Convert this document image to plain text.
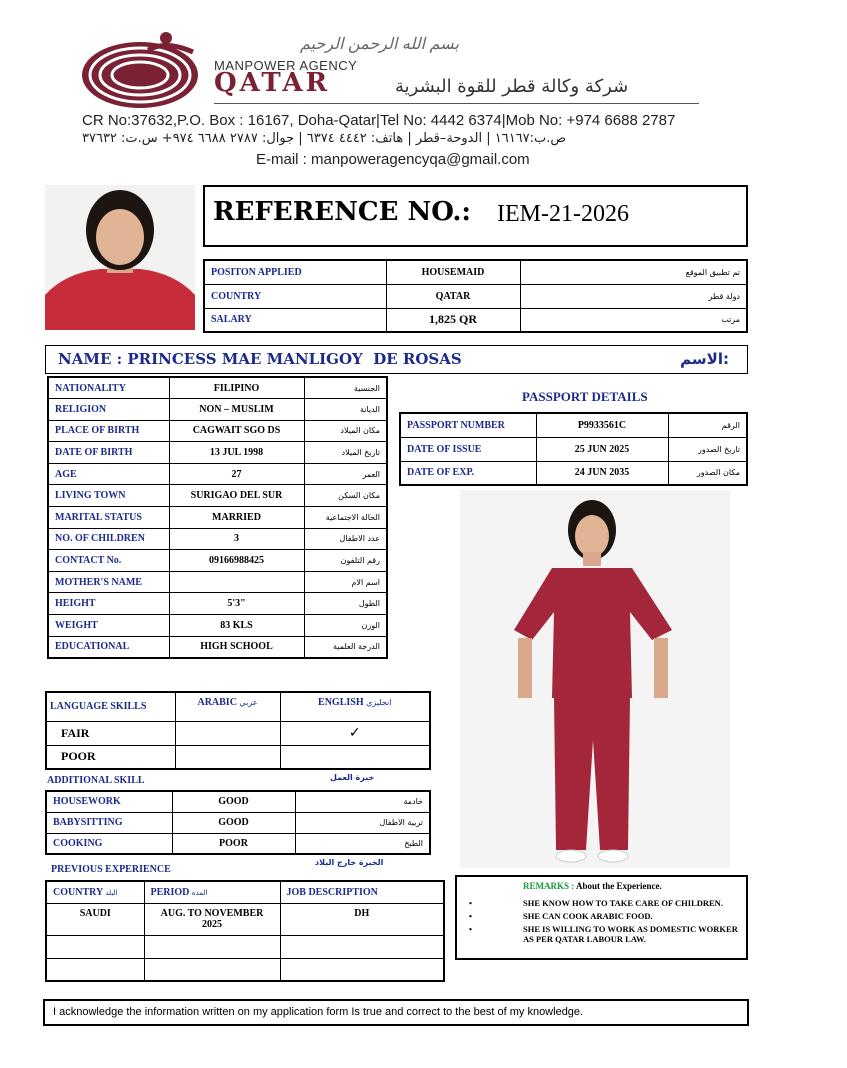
بسم الله الرحمن الرحيم
MANPOWER AGENCY
QATAR	شركة وكالة قطر للقوة البشرية
CR No:37632,P.O. Box : 16167, Doha-Qatar|Tel No: 4442 6374|Mob No: +974 6688 2787
ص.ب:١٦١٦٧ | الدوحة–قطر | هاتف: ٤٤٤٢ ٦٣٧٤ | جوال: ٢٧٨٧ ٦٦٨٨ ٩٧٤+ س.ت: ٣٧٦٣٢
E-mail : manpoweragencyqa@gmail.com
REFERENCE NO.: IEM-21-2026
POSITON APPLIED	HOUSEMAID	تم تطبيق الموقع
COUNTRY	QATAR	دولة قطر
SALARY	1,825 QR	مرتب
NAME : PRINCESS MAE MANLIGOY  DE ROSAS	الاسم:
NATIONALITY	FILIPINO	الجنسية
RELIGION	NON – MUSLIM	الديانة
PLACE OF BIRTH	CAGWAIT SGO DS	مكان الميلاد
DATE OF BIRTH	13 JUL 1998	تاريخ الميلاد
AGE	27	العمر
LIVING TOWN	SURIGAO DEL SUR	مكان السكن
MARITAL STATUS	MARRIED	الحالة الاجتماعية
NO. OF CHILDREN	3	عدد الاطفال
CONTACT No.	09166988425	رقم التلفون
MOTHER'S NAME		اسم الام
HEIGHT	5'3"	الطول
WEIGHT	83 KLS	الوزن
EDUCATIONAL	HIGH SCHOOL	الدرجة العلمية
PASSPORT DETAILS
PASSPORT NUMBER	P9933561C	الرقم
DATE OF ISSUE	25 JUN 2025	تاريخ الصدور
DATE OF EXP.	24 JUN 2035	مكان الصدور
LANGUAGE SKILLS	ARABIC عربي	ENGLISH انجليزي
FAIR		✓
POOR		
ADDITIONAL SKILL	خبرة العمل
HOUSEWORK	GOOD	خادمة
BABYSITTING	GOOD	تربية الاطفال
COOKING	POOR	الطبخ
PREVIOUS EXPERIENCE
الخبرة خارج البلاد
COUNTRY البلد	PERIOD المدة	JOB DESCRIPTION
SAUDI	AUG. TO NOVEMBER 2025	DH

REMARKS : About the Experience.
•	SHE KNOW HOW TO TAKE CARE OF CHILDREN.
•	SHE CAN COOK ARABIC FOOD.
•	SHE IS WILLING TO WORK AS DOMESTIC WORKER AS PER QATAR LABOUR LAW.
I acknowledge the information written on my application form Is true and correct to the best of my knowledge.
